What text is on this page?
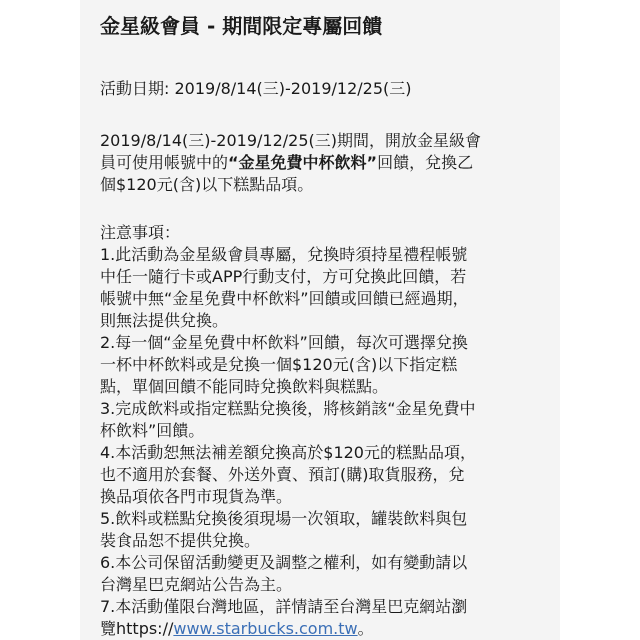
金星級會員 - 期間限定專屬回饋
活動日期: 2019/8/14(三)-2019/12/25(三)
2019/8/14(三)-2019/12/25(三)期間，開放金星級會
員可使用帳號中的“金星免費中杯飲料”回饋，兌換乙
個$120元(含)以下糕點品項。
注意事項：
1.此活動為金星級會員專屬，兌換時須持星禮程帳號
中任一隨行卡或APP行動支付，方可兌換此回饋，若
帳號中無“金星免費中杯飲料”回饋或回饋已經過期，
則無法提供兌換。
2.每一個“金星免費中杯飲料”回饋，每次可選擇兌換
一杯中杯飲料或是兌換一個$120元(含)以下指定糕
點，單個回饋不能同時兌換飲料與糕點。
3.完成飲料或指定糕點兌換後，將核銷該“金星免費中
杯飲料”回饋。
4.本活動恕無法補差額兌換高於$120元的糕點品項，
也不適用於套餐、外送外賣、預訂(購)取貨服務，兌
換品項依各門市現貨為準。
5.飲料或糕點兌換後須現場一次領取，罐裝飲料與包
裝食品恕不提供兌換。
6.本公司保留活動變更及調整之權利，如有變動請以
台灣星巴克網站公告為主。
7.本活動僅限台灣地區，詳情請至台灣星巴克網站瀏
覽https://www.starbucks.com.tw。
